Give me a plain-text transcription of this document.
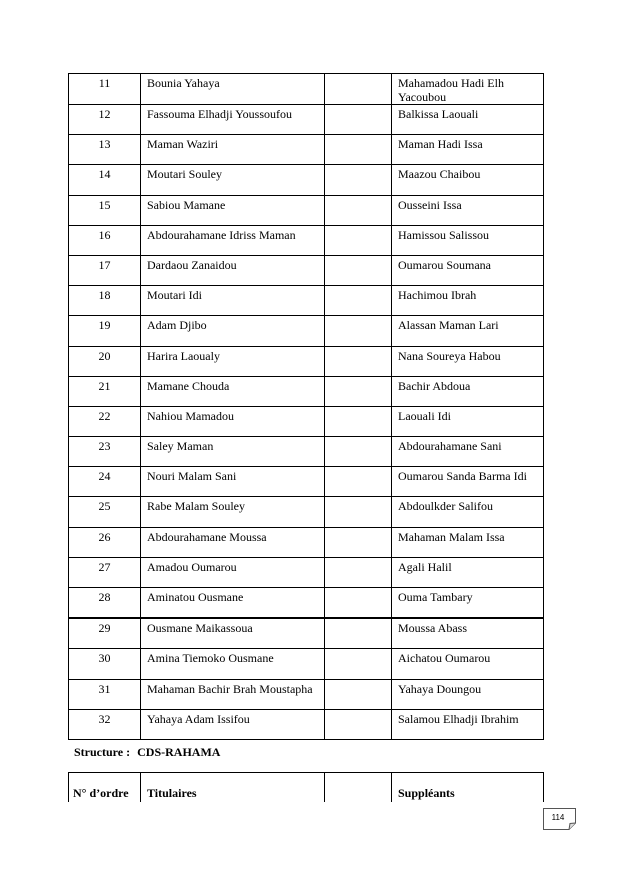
11	Bounia Yahaya		Mahamadou Hadi Elh Yacoubou
12	Fassouma Elhadji Youssoufou		Balkissa Laouali
13	Maman Waziri		Maman Hadi Issa
14	Moutari Souley		Maazou Chaibou
15	Sabiou Mamane		Ousseini Issa
16	Abdourahamane Idriss Maman		Hamissou Salissou
17	Dardaou Zanaidou		Oumarou Soumana
18	Moutari Idi		Hachimou Ibrah
19	Adam Djibo		Alassan Maman Lari
20	Harira Laoualy		Nana Soureya Habou
21	Mamane Chouda		Bachir Abdoua
22	Nahiou Mamadou		Laouali Idi
23	Saley Maman		Abdourahamane Sani
24	Nouri Malam Sani		Oumarou Sanda Barma Idi
25	Rabe Malam Souley		Abdoulkder Salifou
26	Abdourahamane Moussa		Mahaman Malam Issa
27	Amadou Oumarou		Agali Halil
28	Aminatou Ousmane		Ouma Tambary
29	Ousmane Maikassoua		Moussa Abass
30	Amina Tiemoko Ousmane		Aichatou Oumarou
31	Mahaman Bachir Brah Moustapha		Yahaya Doungou
32	Yahaya Adam Issifou		Salamou Elhadji Ibrahim
Structure : CDS-RAHAMA
N° d’ordre	Titulaires		Suppléants
114
